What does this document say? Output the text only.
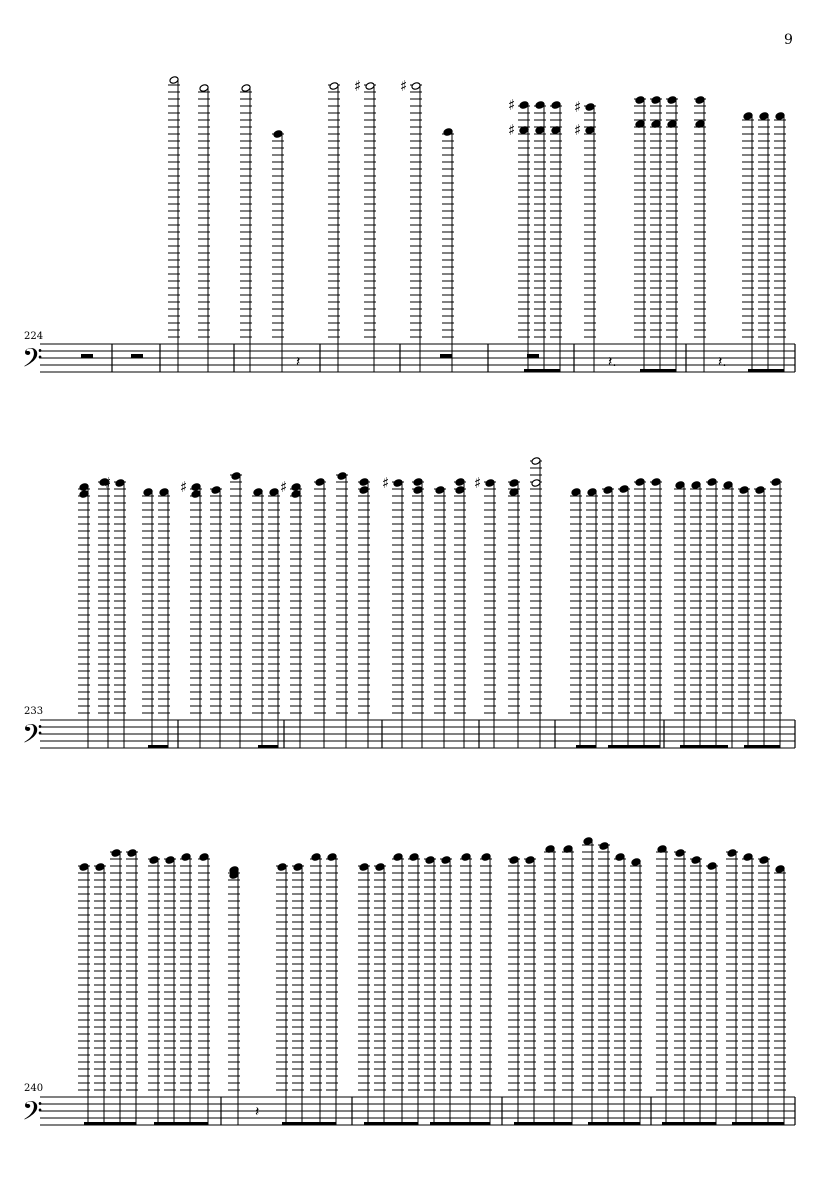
9
224
𝄢	𝄽	𝄽.	𝄽.
♯	♯
♯
♯
♯
♯
233
𝄢
♯	♯	♯	♯	♯
240
𝄢	𝄽
